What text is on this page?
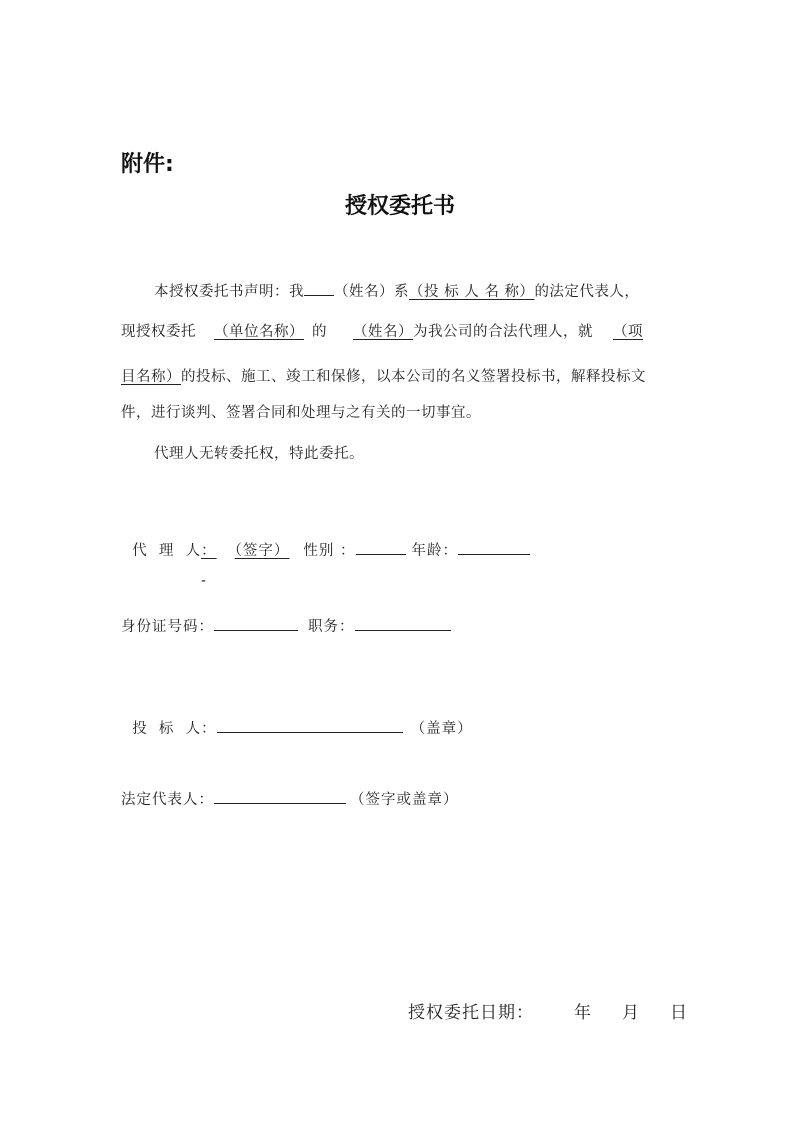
附件:
授权委托书
本授权委托书声明：我 （姓名）系（投 标 人 名 称）的法定代表人，
现授权委托 （单位名称） 的 （姓名）为我公司的合法代理人，就 （项
目名称）的投标、施工、竣工和保修，以本公司的名义签署投标书，解释投标文
件，进行谈判、签署合同和处理与之有关的一切事宜。
代理人无转委托权，特此委托。

代  理  人： （签字） 性别 ：	年龄：

-
身份证号码：	职务：

投  标  人：	（盖章）

法定代表人：	（签字或盖章）
授权委托日期： 年 月 日
